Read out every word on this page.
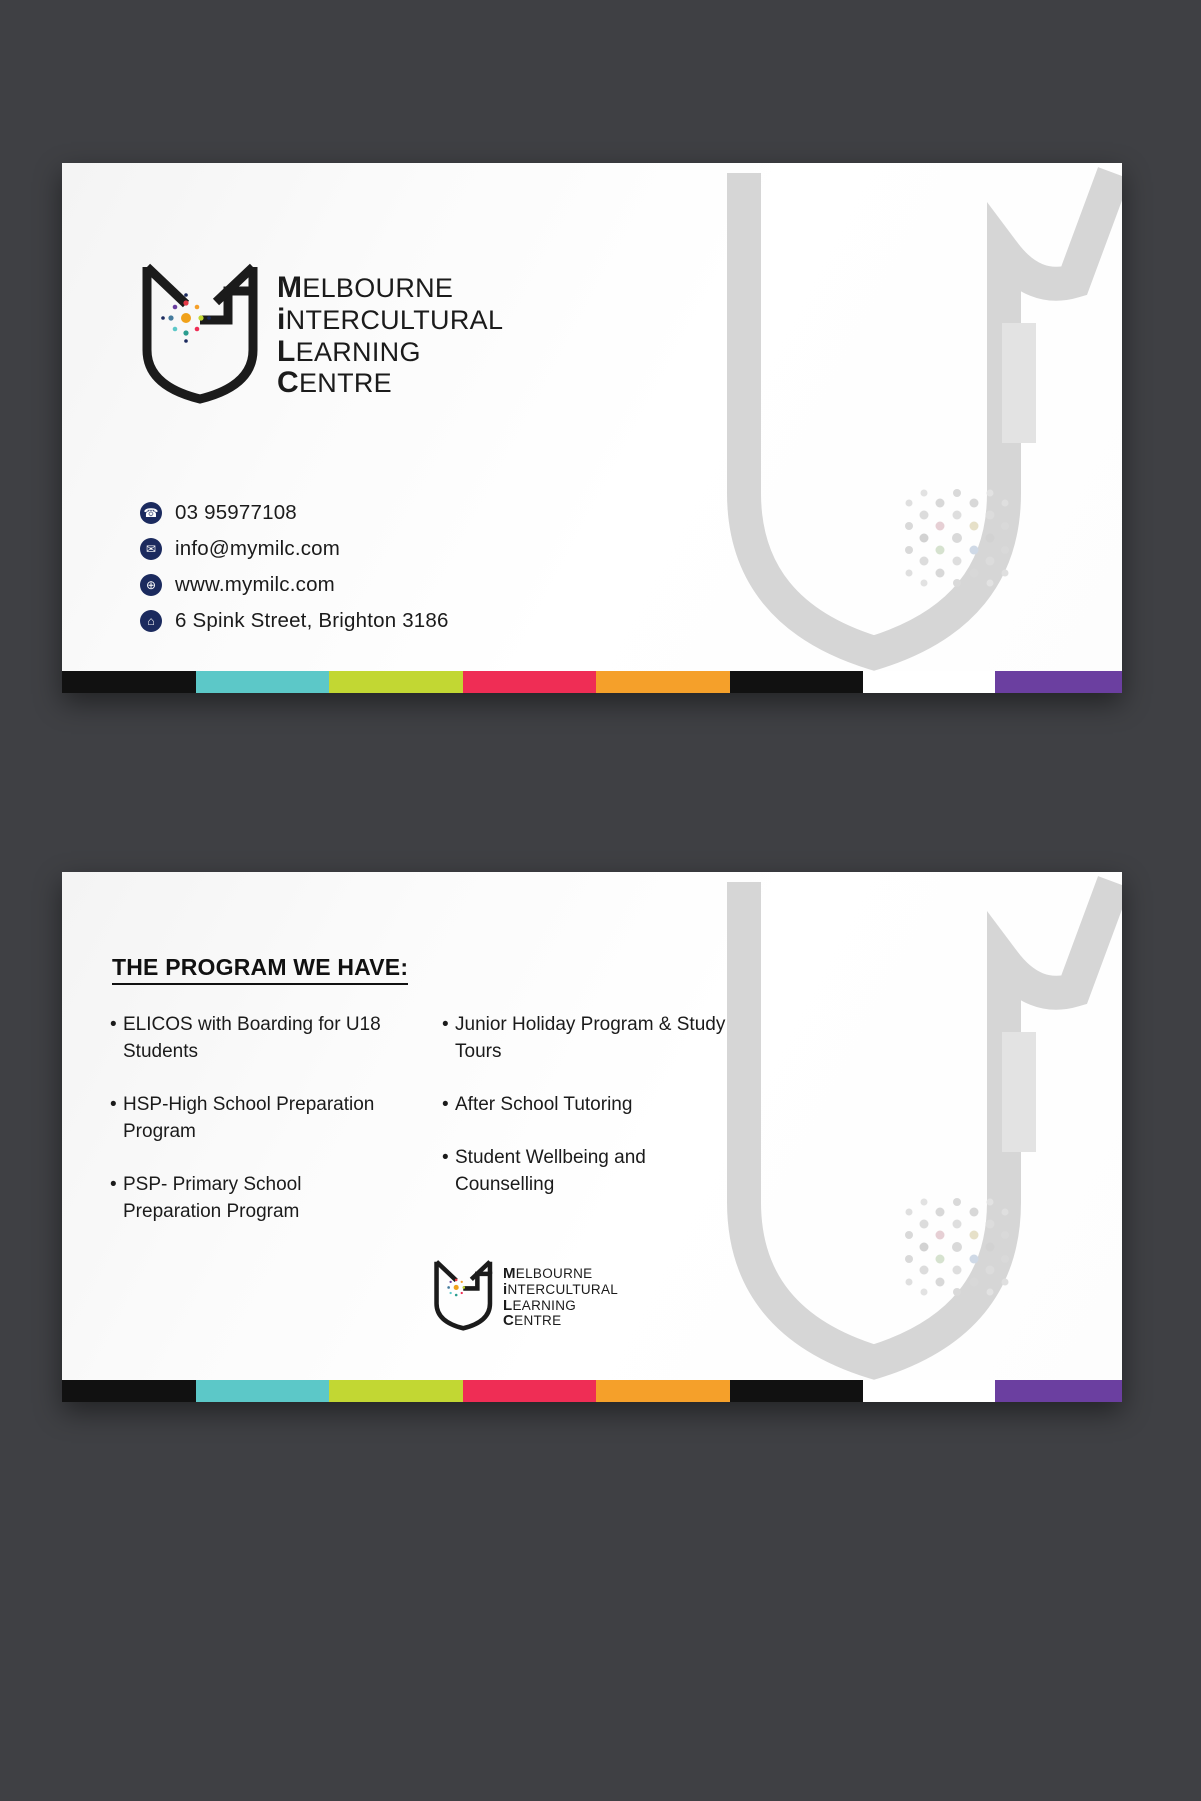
MELBOURNE
iNTERCULTURAL
LEARNING
CENTRE
☎ 03 95977108
✉ info@mymilc.com
⊕ www.mymilc.com
⌂ 6 Spink Street, Brighton 3186
THE PROGRAM WE HAVE:
• ELICOS with Boarding for U18 Students
• HSP-High School Preparation Program
• PSP- Primary School Preparation Program
• Junior Holiday Program & Study Tours
• After School Tutoring
• Student Wellbeing and Counselling
MELBOURNE
iNTERCULTURAL
LEARNING
CENTRE
